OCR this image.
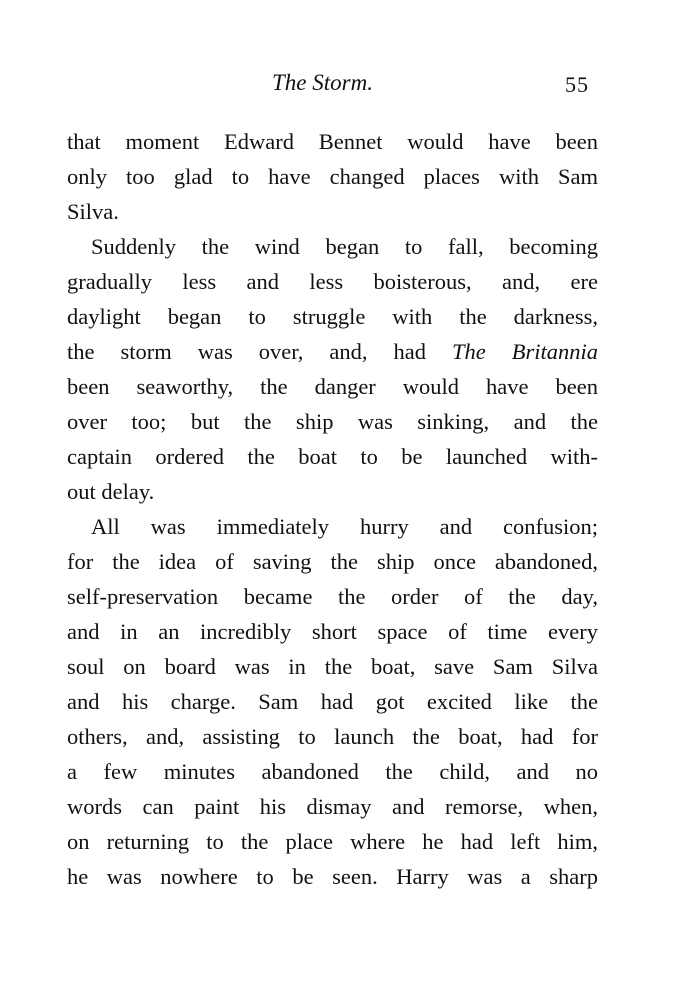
The Storm.	55
that moment Edward Bennet would have been
only too glad to have changed places with Sam
Silva.
Suddenly the wind began to fall, becoming
gradually less and less boisterous, and, ere
daylight began to struggle with the darkness,
the storm was over, and, had The Britannia
been seaworthy, the danger would have been
over too; but the ship was sinking, and the
captain ordered the boat to be launched with-
out delay.
All was immediately hurry and confusion;
for the idea of saving the ship once abandoned,
self-preservation became the order of the day,
and in an incredibly short space of time every
soul on board was in the boat, save Sam Silva
and his charge. Sam had got excited like the
others, and, assisting to launch the boat, had for
a few minutes abandoned the child, and no
words can paint his dismay and remorse, when,
on returning to the place where he had left him,
he was nowhere to be seen. Harry was a sharp
